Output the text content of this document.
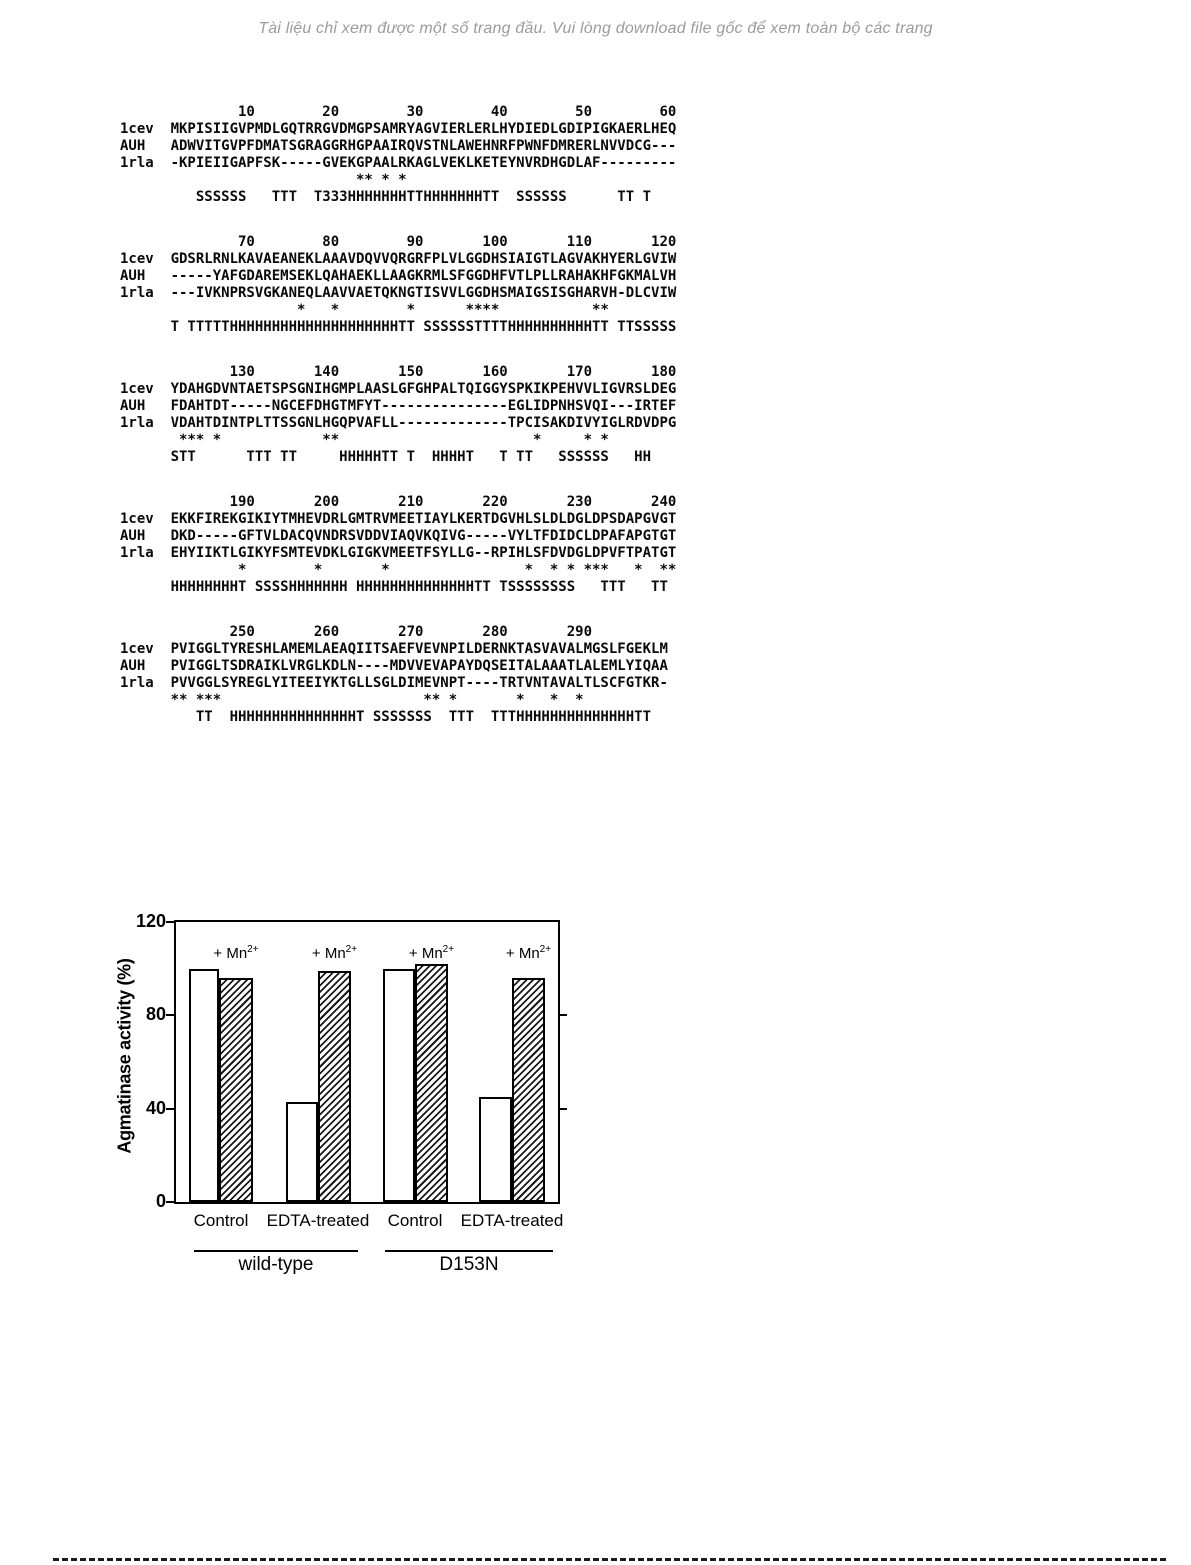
Tài liệu chỉ xem được một số trang đầu. Vui lòng download file gốc để xem toàn bộ các trang
10        20        30        40        50        60
1cev  MKPISIIGVPMDLGQTRRGVDMGPSAMRYAGVIERLERLHYDIEDLGDIPIGKAERLHEQ
AUH   ADWVITGVPFDMATSGRAGGRHGPAAIRQVSTNLAWEHNRFPWNFDMRERLNVVDCG---
1rla  -KPIEIIGAPFSK-----GVEKGPAALRKAGLVEKLKETEYNVRDHGDLAF---------
** * *
SSSSSS   TTT  T333HHHHHHHTTHHHHHHHTT  SSSSSS      TT T
70        80        90       100       110       120
1cev  GDSRLRNLKAVAEANEKLAAAVDQVVQRGRFPLVLGGDHSIAIGTLAGVAKHYERLGVIW
AUH   -----YAFGDAREMSEKLQAHAEKLLAAGKRMLSFGGDHFVTLPLLRAHAKHFGKMALVH
1rla  ---IVKNPRSVGKANEQLAAVVAETQKNGTISVVLGGDHSMAIGSISGHARVH-DLCVIW
*   *        *      ****           **
T TTTTTHHHHHHHHHHHHHHHHHHHHTT SSSSSSTTTTHHHHHHHHHHTT TTSSSSS
130       140       150       160       170       180
1cev  YDAHGDVNTAETSPSGNIHGMPLAASLGFGHPALTQIGGYSPKIKPEHVVLIGVRSLDEG
AUH   FDAHTDT-----NGCEFDHGTMFYT---------------EGLIDPNHSVQI---IRTEF
1rla  VDAHTDINTPLTTSSGNLHGQPVAFLL-------------TPCISAKDIVYIGLRDVDPG
*** *            **                       *     * *
STT      TTT TT     HHHHHTT T  HHHHT   T TT   SSSSSS   HH
190       200       210       220       230       240
1cev  EKKFIREKGIKIYTMHEVDRLGMTRVMEETIAYLKERTDGVHLSLDLDGLDPSDAPGVGT
AUH   DKD-----GFTVLDACQVNDRSVDDVIAQVKQIVG-----VYLTFDIDCLDPAFAPGTGT
1rla  EHYIIKTLGIKYFSMTEVDKLGIGKVMEETFSYLLG--RPIHLSFDVDGLDPVFTPATGT
*        *       *                *  * * ***   *  **
HHHHHHHHT SSSSHHHHHHH HHHHHHHHHHHHHHTT TSSSSSSSS   TTT   TT
250       260       270       280       290
1cev  PVIGGLTYRESHLAMEMLAEAQIITSAEFVEVNPILDERNKTASVAVALMGSLFGEKLM
AUH   PVIGGLTSDRAIKLVRGLKDLN----MDVVEVAPAYDQSEITALAAATLALEMLYIQAA
1rla  PVVGGLSYREGLYITEEIYKTGLLSGLDIMEVNPT----TRTVNTAVALTLSCFGTKR-
** ***                        ** *       *   *  *
TT  HHHHHHHHHHHHHHHT SSSSSSS  TTT  TTTHHHHHHHHHHHHHHTT
Agmatinase activity (%)
+ $Mn^{2+}$	+ $Mn^{2+}$	+ $Mn^{2+}$	+ $Mn^{2+}$
0
40
80
120
Control EDTA-treated Control EDTA-treated
wild-type	D153N
